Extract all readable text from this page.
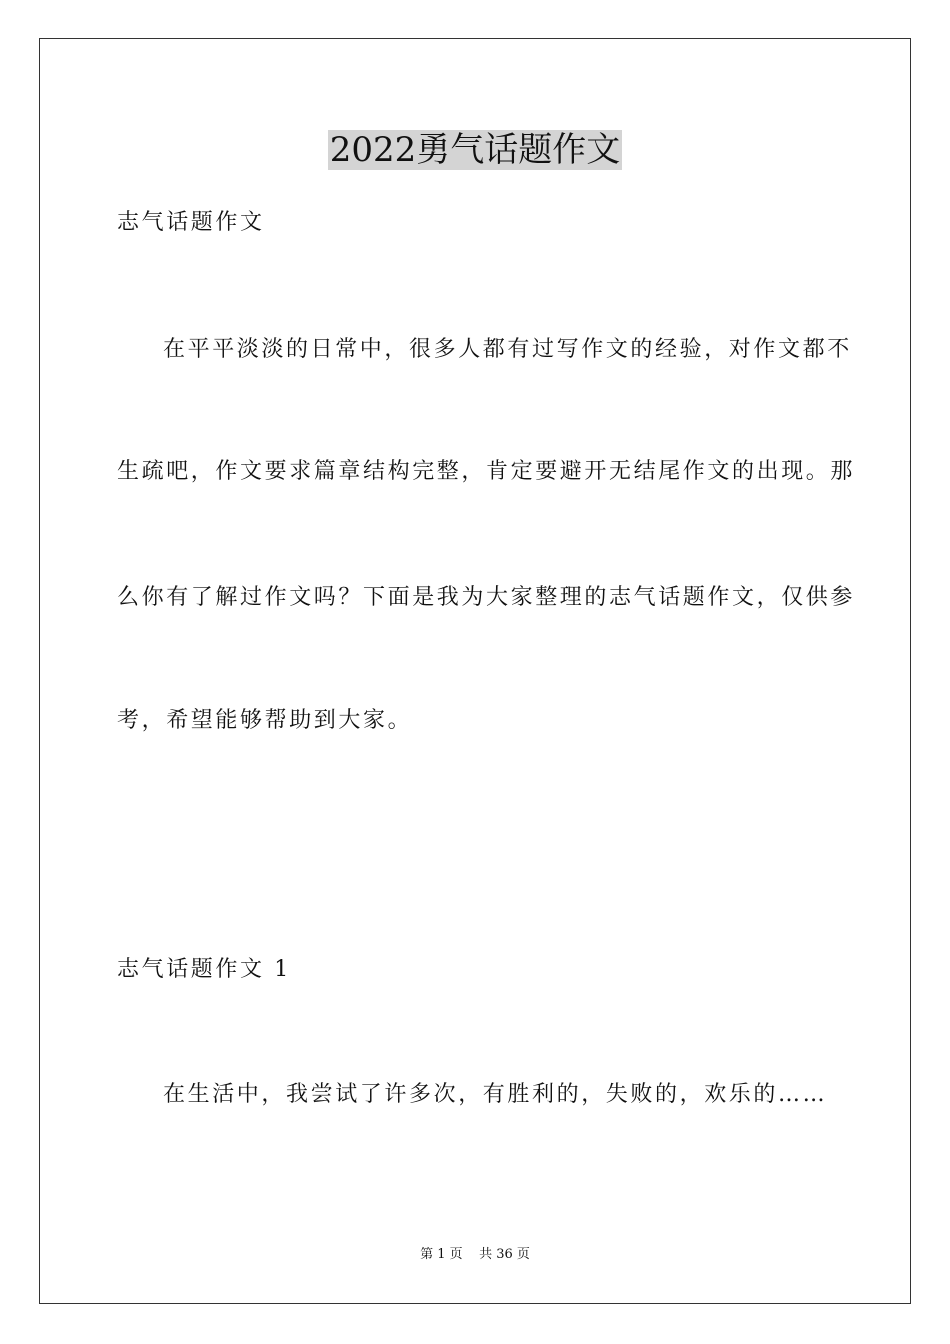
2022勇气话题作文
志气话题作文
在平平淡淡的日常中，很多人都有过写作文的经验，对作文都不
生疏吧，作文要求篇章结构完整，肯定要避开无结尾作文的出现。那
么你有了解过作文吗？下面是我为大家整理的志气话题作文，仅供参
考，希望能够帮助到大家。
志气话题作文 1
在生活中，我尝试了许多次，有胜利的，失败的，欢乐的……
第 1 页    共 36 页
